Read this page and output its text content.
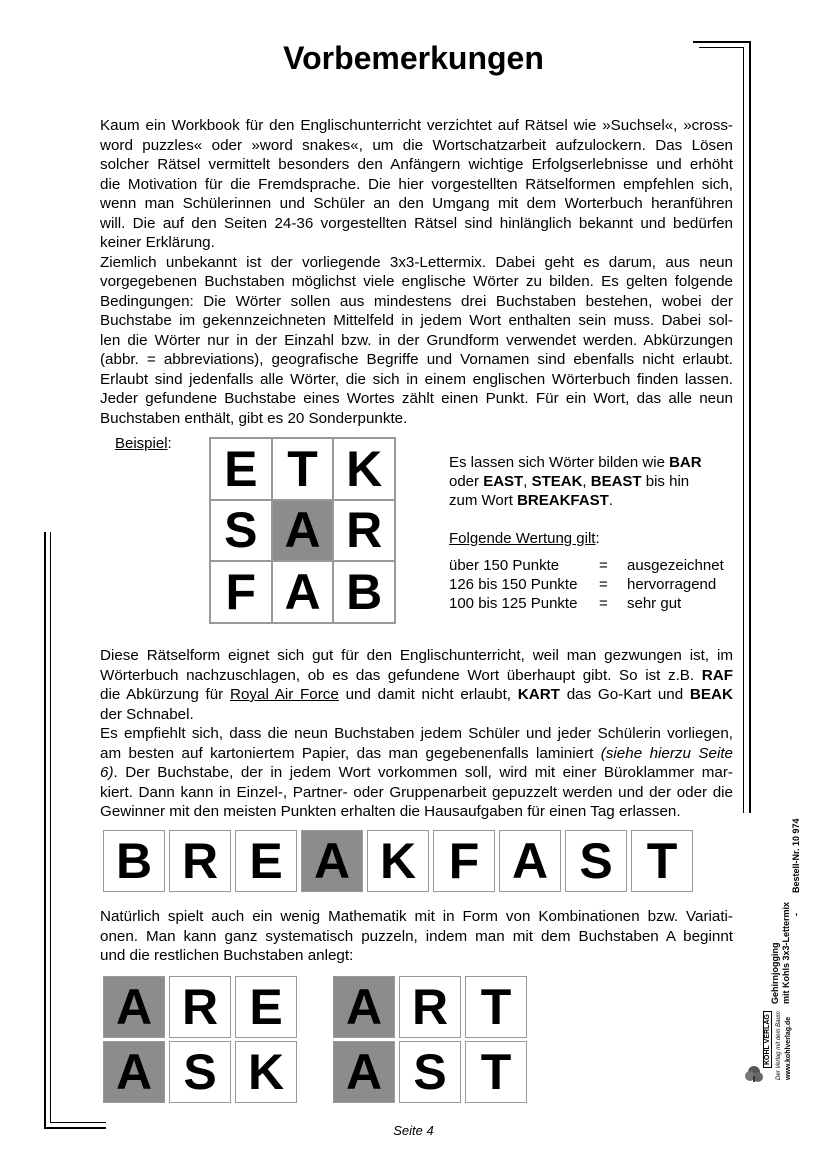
Vorbemerkungen
Kaum ein Workbook für den Englischunterricht verzichtet auf Rätsel wie »Suchsel«, »cross-
word puzzles« oder »word snakes«, um die Wortschatzarbeit aufzulockern. Das Lösen
solcher Rätsel vermittelt besonders den Anfängern wichtige Erfolgserlebnisse und erhöht
die Motivation für die Fremdsprache. Die hier vorgestellten Rätselformen empfehlen sich,
wenn man Schülerinnen und Schüler an den Umgang mit dem Worterbuch heranführen
will. Die auf den Seiten 24-36 vorgestellten Rätsel sind hinlänglich bekannt und bedürfen
keiner Erklärung.
Ziemlich unbekannt ist der vorliegende 3x3-Lettermix. Dabei geht es darum, aus neun
vorgegebenen Buchstaben möglichst viele englische Wörter zu bilden. Es gelten folgende
Bedingungen: Die Wörter sollen aus mindestens drei Buchstaben bestehen, wobei der
Buchstabe im gekennzeichneten Mittelfeld in jedem Wort enthalten sein muss. Dabei sol-
len die Wörter nur in der Einzahl bzw. in der Grundform verwendet werden. Abkürzungen
(abbr. = abbreviations), geografische Begriffe und Vornamen sind ebenfalls nicht erlaubt.
Erlaubt sind jedenfalls alle Wörter, die sich in einem englischen Wörterbuch finden lassen.
Jeder gefundene Buchstabe eines Wortes zählt einen Punkt. Für ein Wort, das alle neun
Buchstaben enthält, gibt es 20 Sonderpunkte.
Beispiel: E T K
S A R
F A B
Es lassen sich Wörter bilden wie BAR
oder EAST, STEAK, BEAST bis hin
zum Wort BREAKFAST.
Folgende Wertung gilt:
über 150 Punkte	=	ausgezeichnet
126 bis 150 Punkte	=	hervorragend
100 bis 125 Punkte	=	sehr gut
Diese Rätselform eignet sich gut für den Englischunterricht, weil man gezwungen ist, im
Wörterbuch nachzuschlagen, ob es das gefundene Wort überhaupt gibt. So ist z.B. RAF
die Abkürzung für Royal Air Force und damit nicht erlaubt, KART das Go-Kart und BEAK
der Schnabel.
Es empfiehlt sich, dass die neun Buchstaben jedem Schüler und jeder Schülerin vorliegen,
am besten auf kartoniertem Papier, das man gegebenenfalls laminiert (siehe hierzu Seite
6). Der Buchstabe, der in jedem Wort vorkommen soll, wird mit einer Büroklammer mar-
kiert. Dann kann in Einzel-, Partner- oder Gruppenarbeit gepuzzelt werden und der oder die
Gewinner mit den meisten Punkten erhalten die Hausaufgaben für einen Tag erlassen.
B R E A K F A S T
Natürlich spielt auch ein wenig Mathematik mit in Form von Kombinationen bzw. Variati-
onen. Man kann ganz systematisch puzzeln, indem man mit dem Buchstaben A beginnt
und die restlichen Buchstaben anlegt:
A R E A R T
A S K A S T
Seite 4
Bestell-Nr. 10 974
-
Gehirnjogging mit Kohls 3x3-Lettermix
KOHL VERLAG Der Verlag mit dem Baum www.kohlverlag.de
